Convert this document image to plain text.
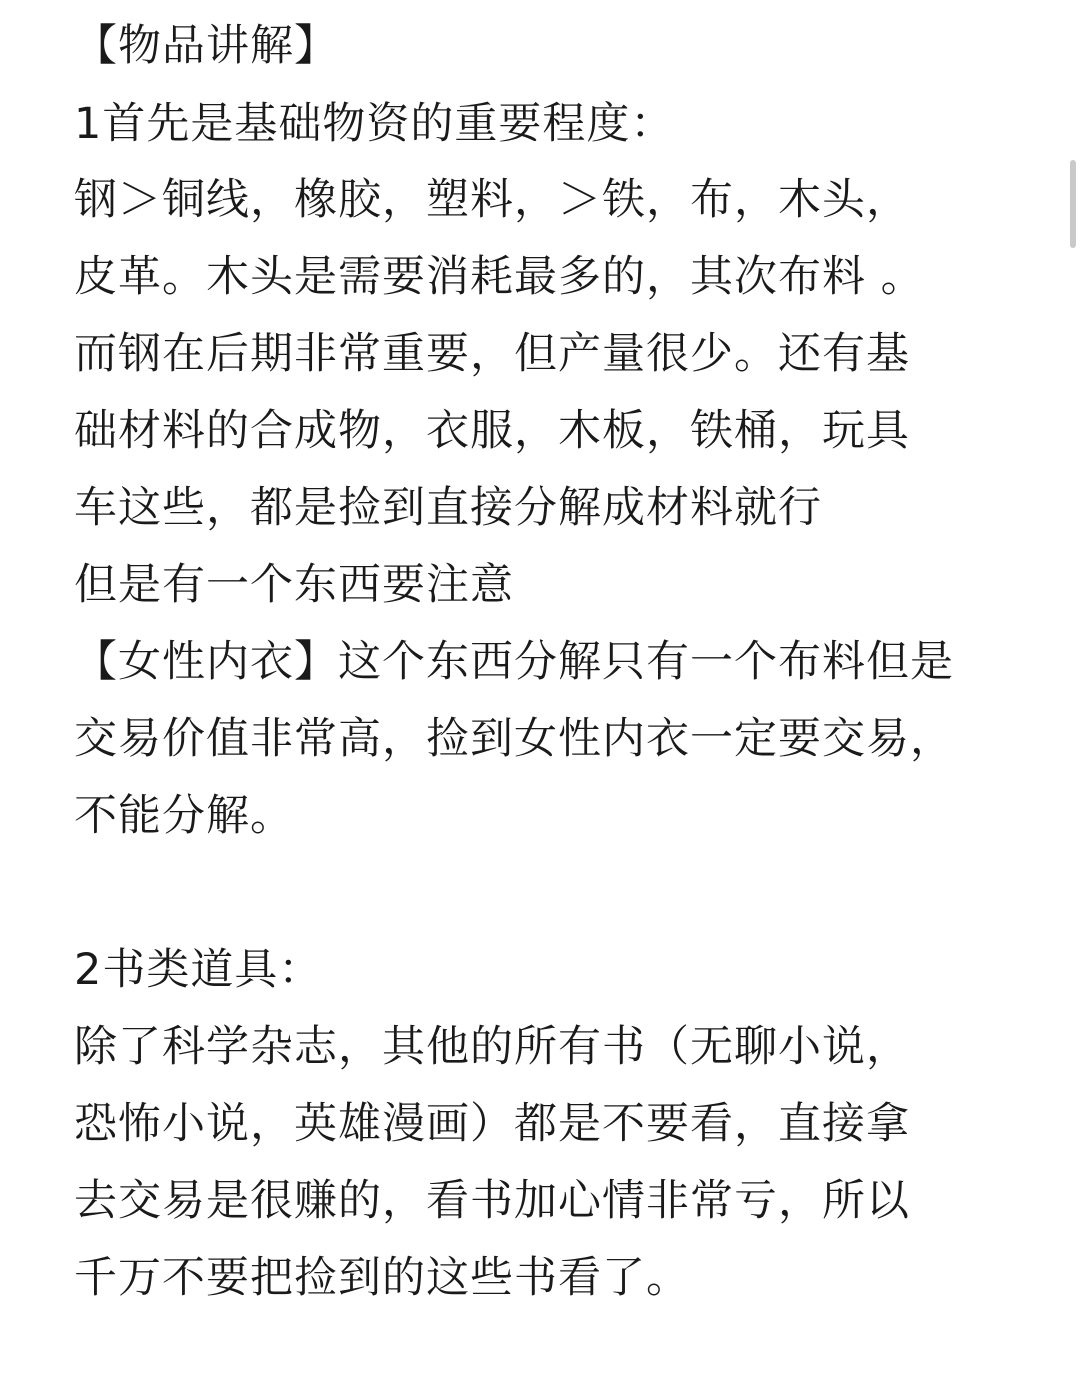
【物品讲解】
1首先是基础物资的重要程度：
钢＞铜线，橡胶，塑料，＞铁，布，木头，
皮革。木头是需要消耗最多的，其次布料 。
而钢在后期非常重要，但产量很少。还有基
础材料的合成物，衣服，木板，铁桶，玩具
车这些，都是捡到直接分解成材料就行
但是有一个东西要注意
【女性内衣】这个东西分解只有一个布料但是
交易价值非常高，捡到女性内衣一定要交易，
不能分解。
2书类道具：
除了科学杂志，其他的所有书（无聊小说，
恐怖小说，英雄漫画）都是不要看，直接拿
去交易是很赚的，看书加心情非常亏，所以
千万不要把捡到的这些书看了。
